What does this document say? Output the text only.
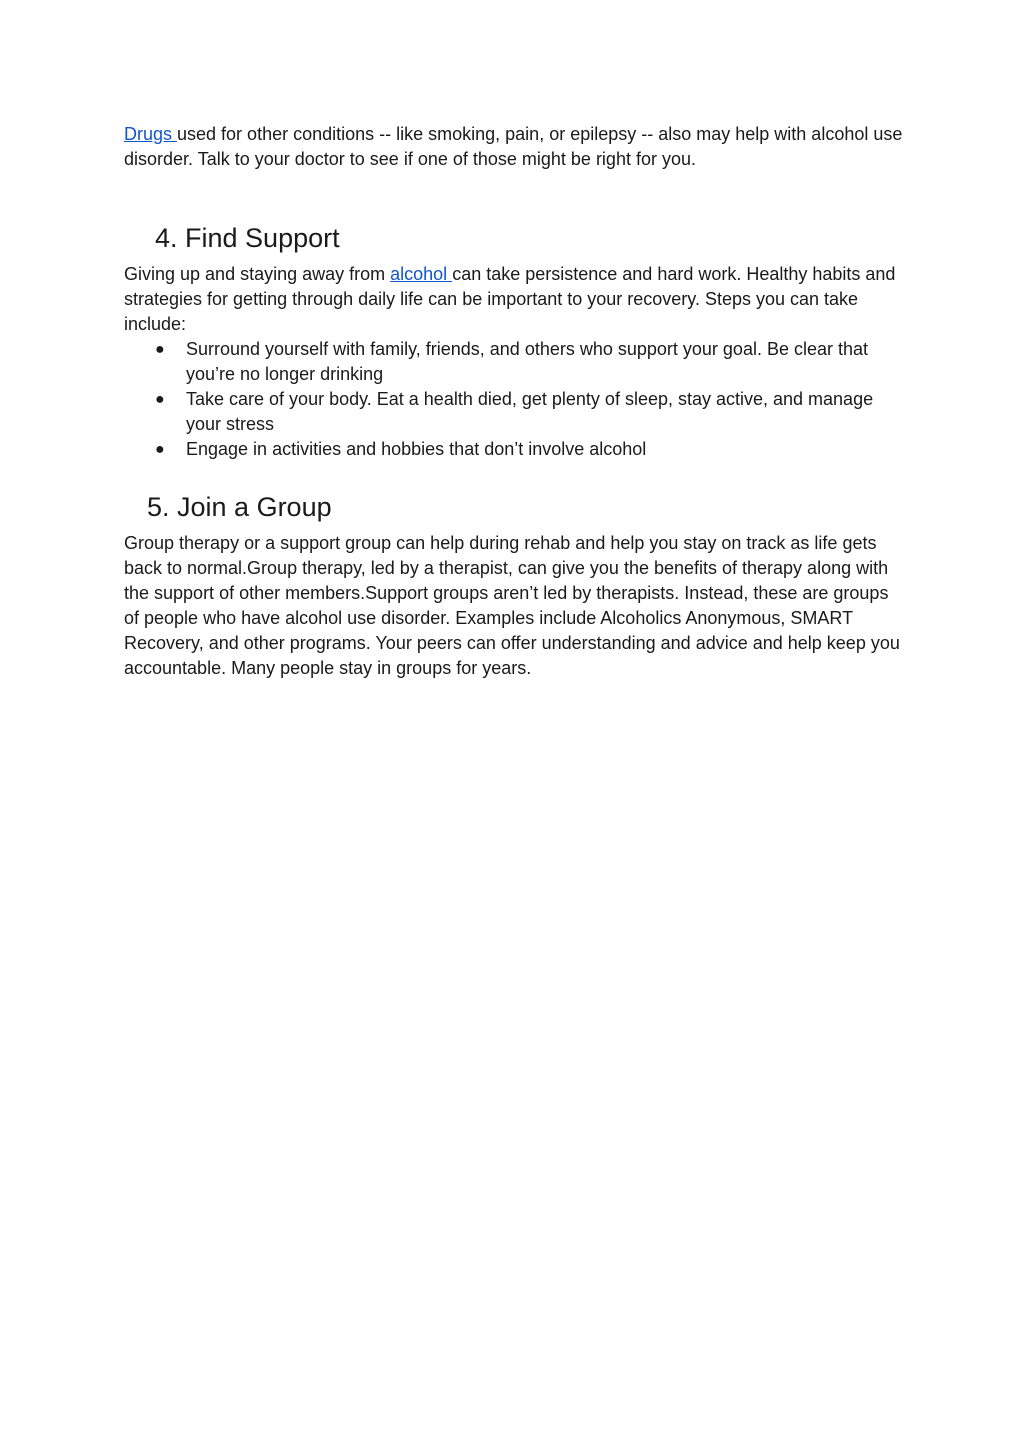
Drugs used for other conditions -- like smoking, pain, or epilepsy -- also may help with alcohol use disorder. Talk to your doctor to see if one of those might be right for you.

4. Find Support

Giving up and staying away from alcohol can take persistence and hard work. Healthy habits and strategies for getting through daily life can be important to your recovery. Steps you can take include:

● Surround yourself with family, friends, and others who support your goal. Be clear that you’re no longer drinking
● Take care of your body. Eat a health died, get plenty of sleep, stay active, and manage your stress
● Engage in activities and hobbies that don’t involve alcohol
5. Join a Group

Group therapy or a support group can help during rehab and help you stay on track as life gets back to normal.Group therapy, led by a therapist, can give you the benefits of therapy along with the support of other members.Support groups aren’t led by therapists. Instead, these are groups of people who have alcohol use disorder. Examples include Alcoholics Anonymous, SMART Recovery, and other programs. Your peers can offer understanding and advice and help keep you accountable. Many people stay in groups for years.
